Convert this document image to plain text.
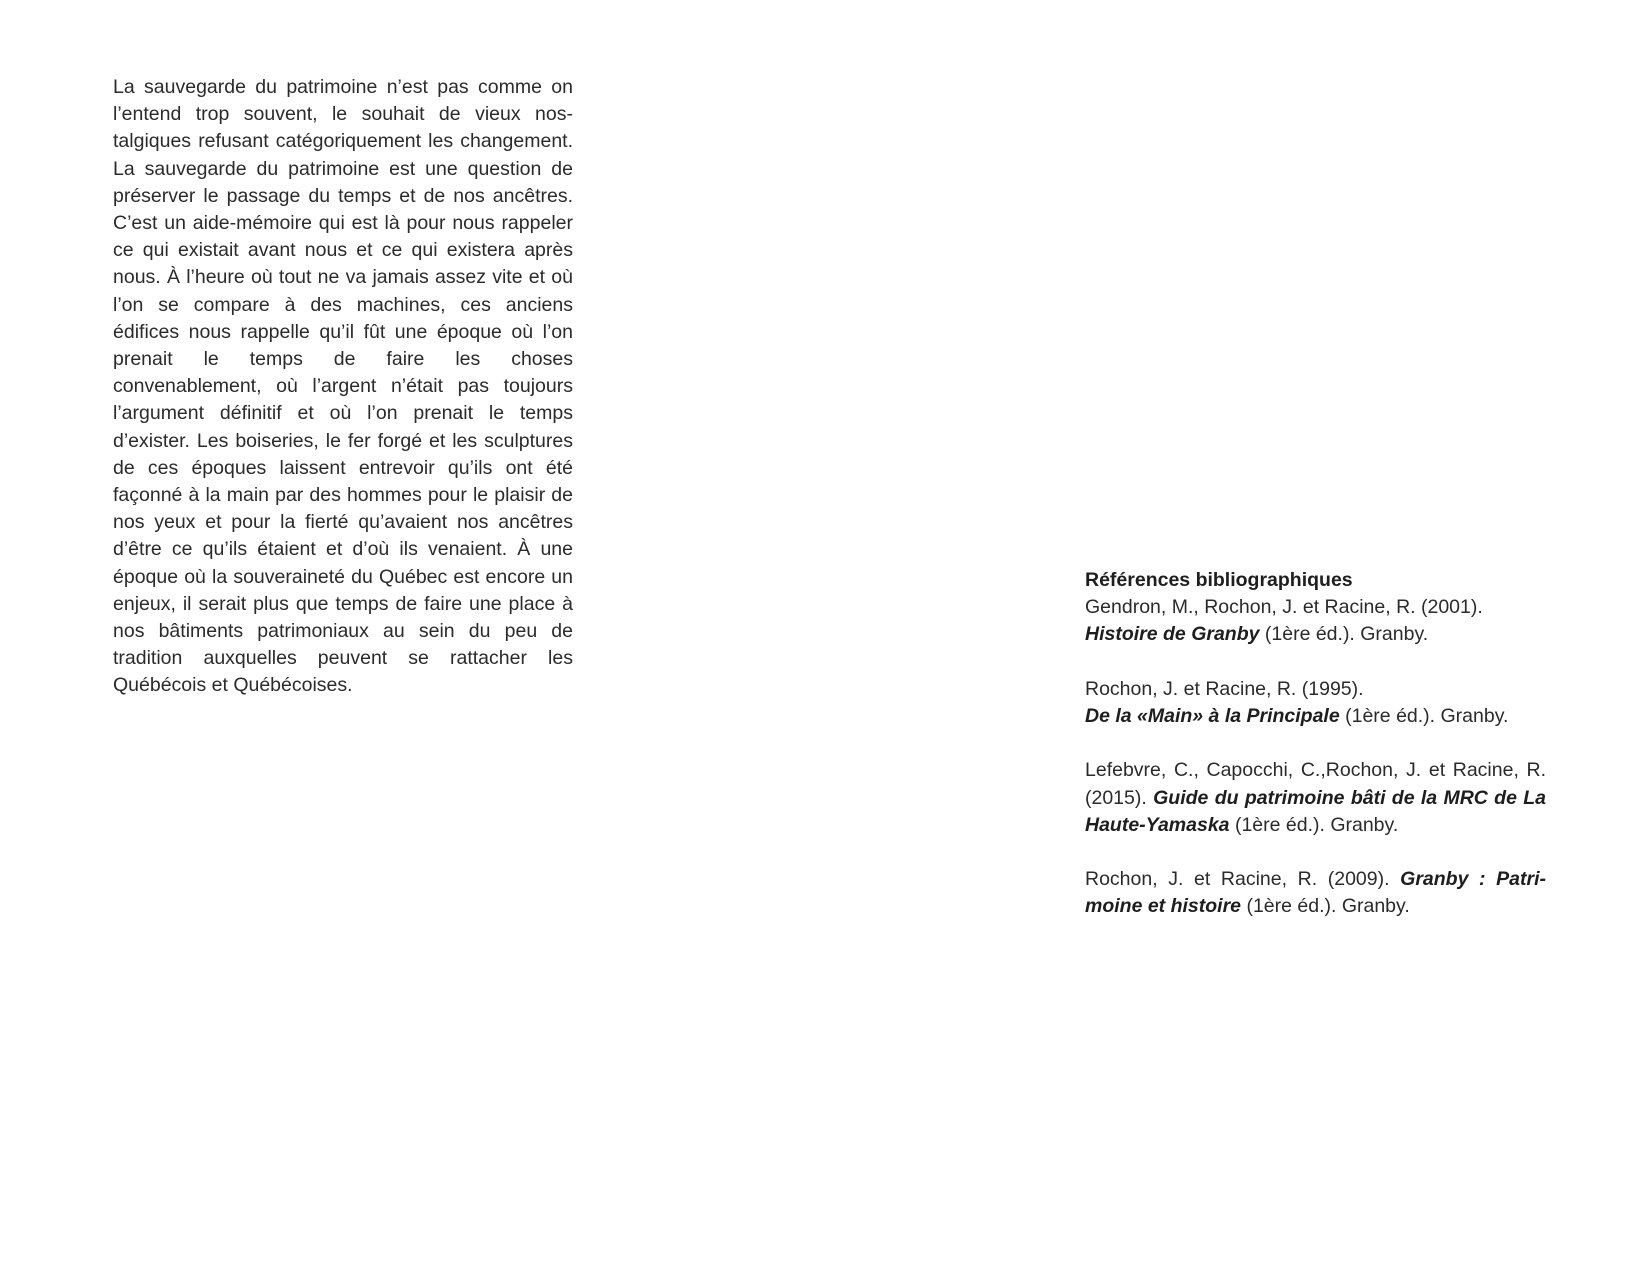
La sauvegarde du patrimoine n’est pas comme on l’entend trop souvent, le souhait de vieux nostalgiques refusant catégoriquement les changement. La sauvegarde du patrimoine est une question de préserver le passage du temps et de nos ancêtres. C’est un aide-mémoire qui est là pour nous rappeler ce qui existait avant nous et ce qui existera après nous. À l’heure où tout ne va jamais assez vite et où l’on se compare à des machines, ces anciens édifices nous rappelle qu’il fût une époque où l’on prenait le temps de faire les choses convenablement, où l’argent n’était pas toujours l’argument définitif et où l’on prenait le temps d’exister. Les boiseries, le fer forgé et les sculptures de ces époques laissent entrevoir qu’ils ont été façonné à la main par des hommes pour le plaisir de nos yeux et pour la fierté qu’avaient nos ancêtres d’être ce qu’ils étaient et d’où ils venaient. À une époque où la souveraineté du Québec est encore un enjeux, il serait plus que temps de faire une place à nos bâtiments patrimoniaux au sein du peu de tradition auxquelles peuvent se rattacher les Québécois et Québécoises.

Références bibliographiques

Gendron, M., Rochon, J. et Racine, R. (2001).
Histoire de Granby (1ère éd.). Granby.

Rochon, J. et Racine, R. (1995).
De la «Main» à la Principale (1ère éd.). Granby.

Lefebvre, C., Capocchi, C.,Rochon, J. et Racine, R. (2015). Guide du patrimoine bâti de la MRC de La Haute-Yamaska (1ère éd.). Granby.

Rochon, J. et Racine, R. (2009). Granby : Patrimoine et histoire (1ère éd.). Granby.
